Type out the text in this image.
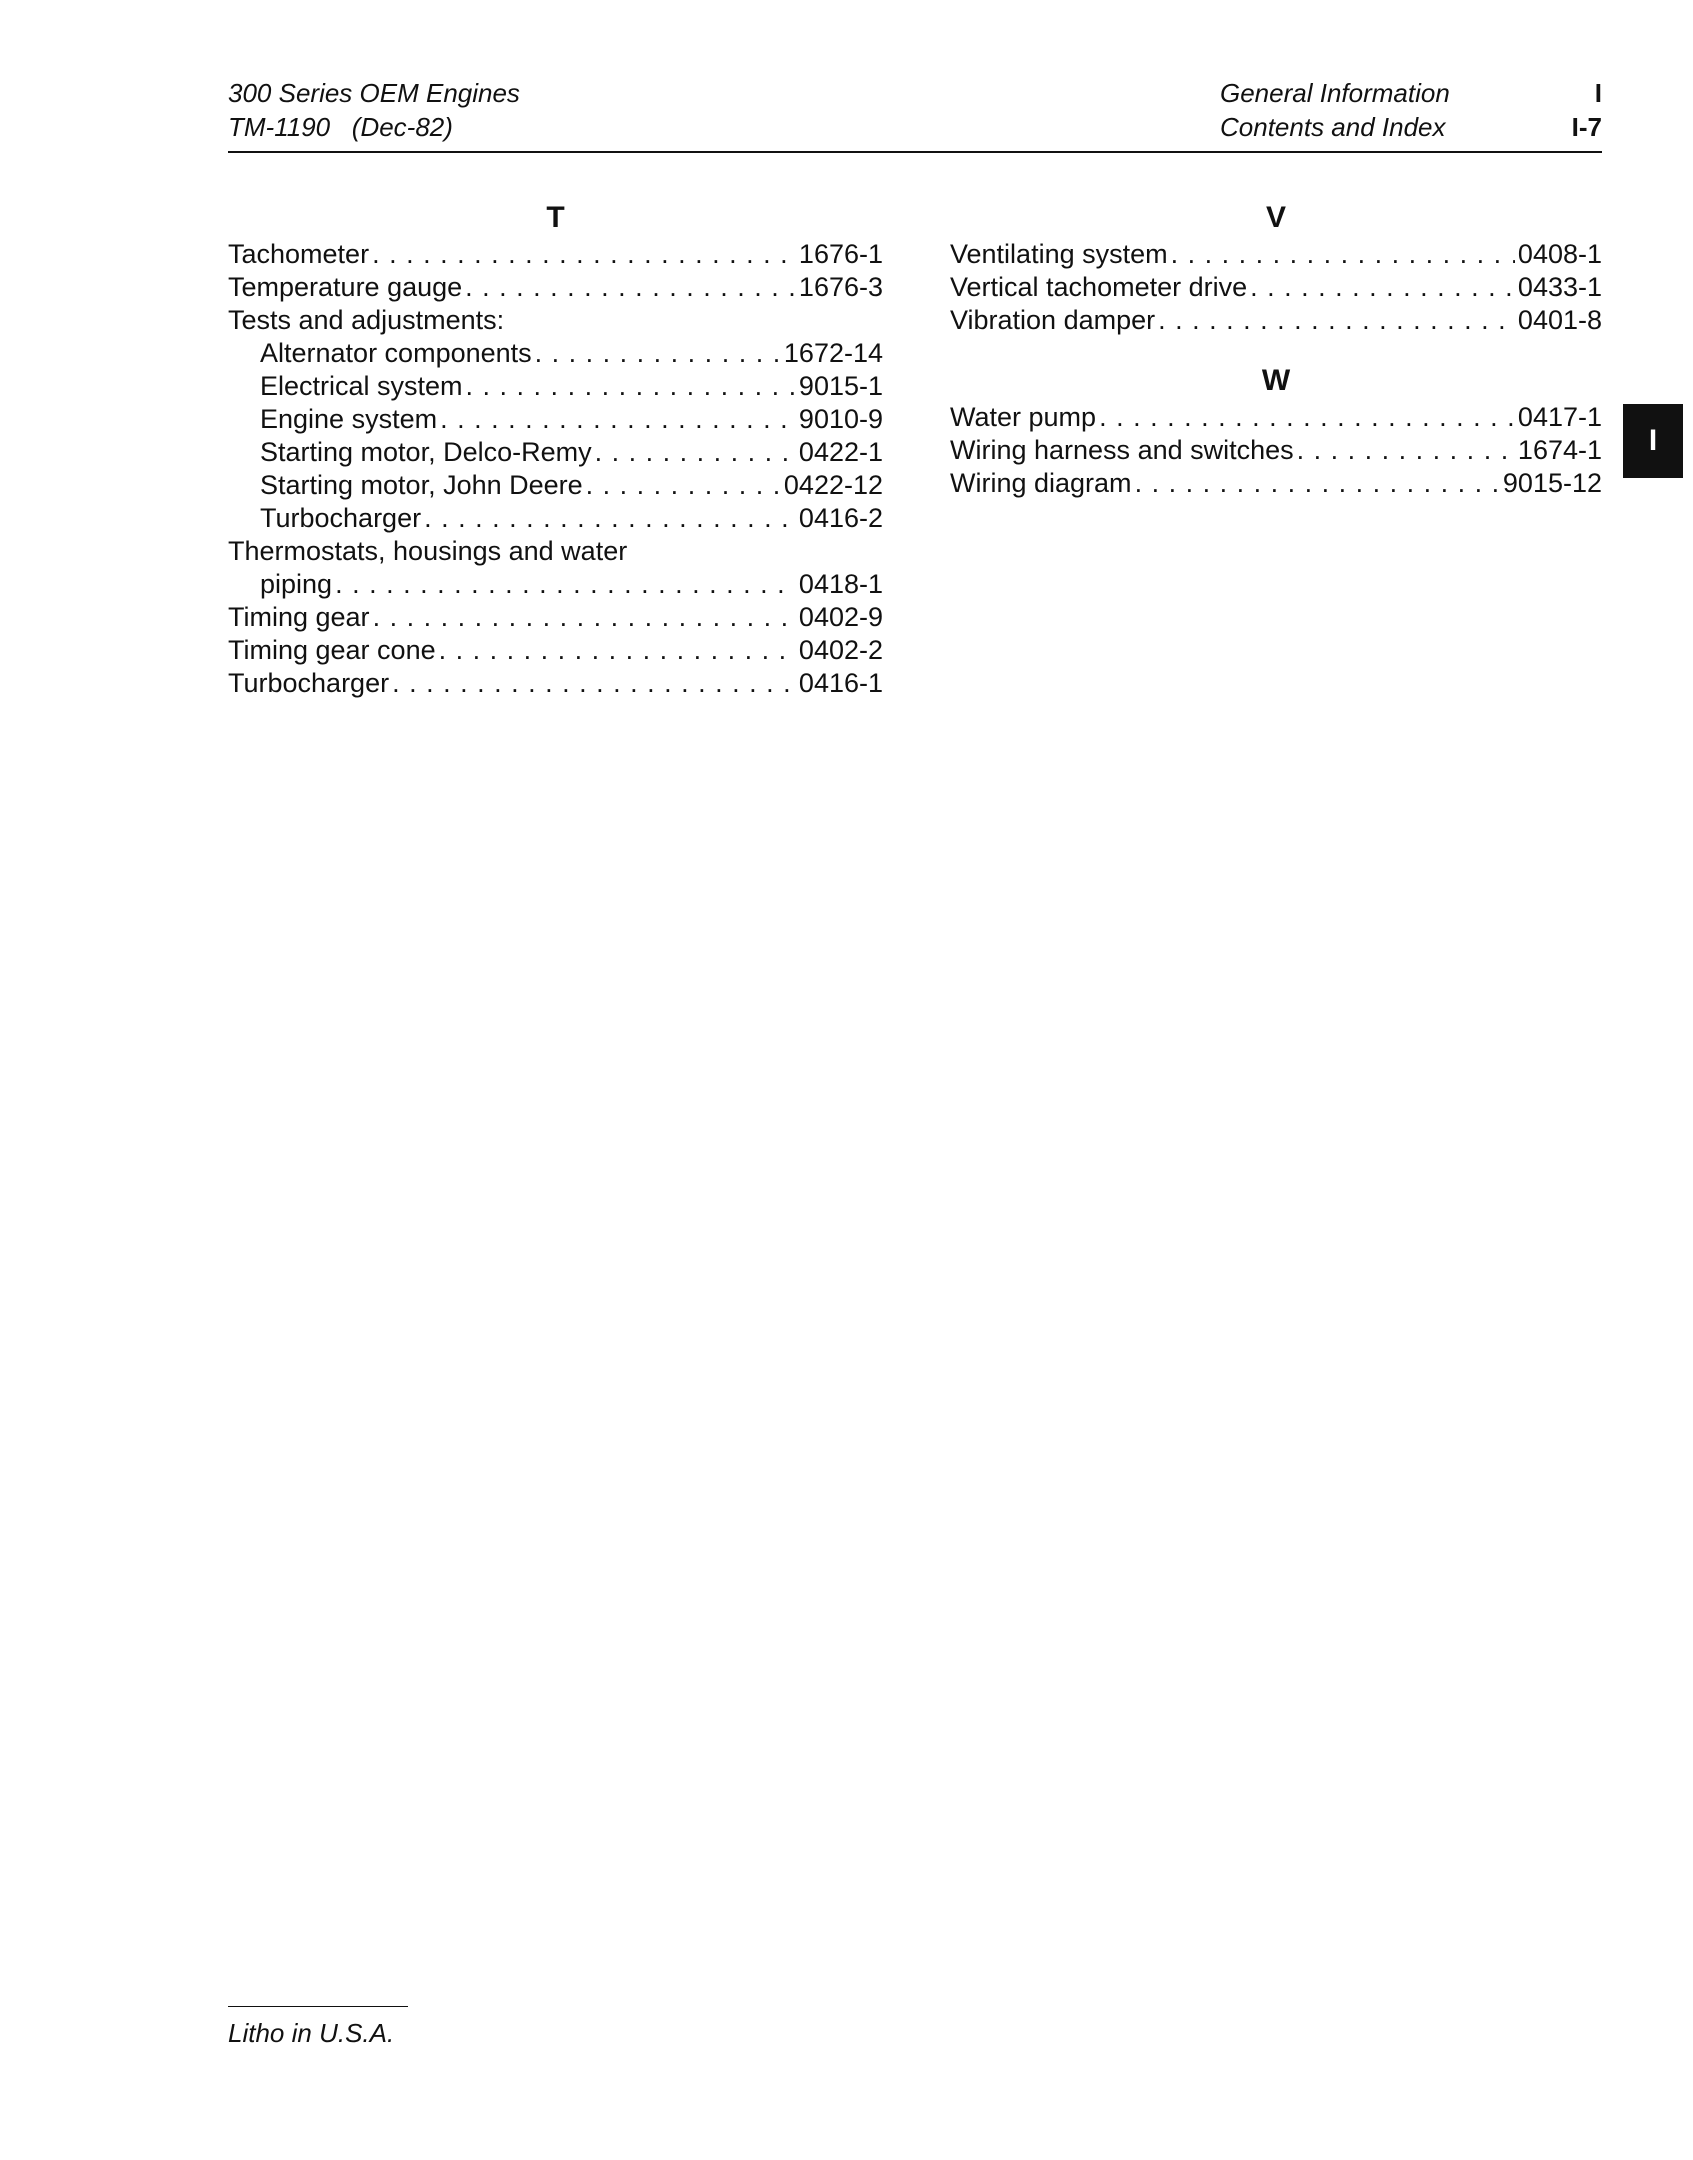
300 Series OEM Engines
TM-1190   (Dec-82)
General Information
Contents and Index
I
I-7
T
Tachometer . . .	1676-1
Temperature gauge . . .	1676-3
Tests and adjustments:
Alternator components . . .	1672-14
Electrical system . . .	9015-1
Engine system . . .	9010-9
Starting motor, Delco-Remy . . .	0422-1
Starting motor, John Deere . . .	0422-12
Turbocharger . . .	0416-2
Thermostats, housings and water
piping . . .	0418-1
Timing gear . . .	0402-9
Timing gear cone . . .	0402-2
Turbocharger . . .	0416-1
V
Ventilating system . . .	0408-1
Vertical tachometer drive . . .	0433-1
Vibration damper . . .	0401-8
W
Water pump . . .	0417-1
Wiring harness and switches . . .	1674-1
Wiring diagram . . .	9015-12
I
Litho in U.S.A.
